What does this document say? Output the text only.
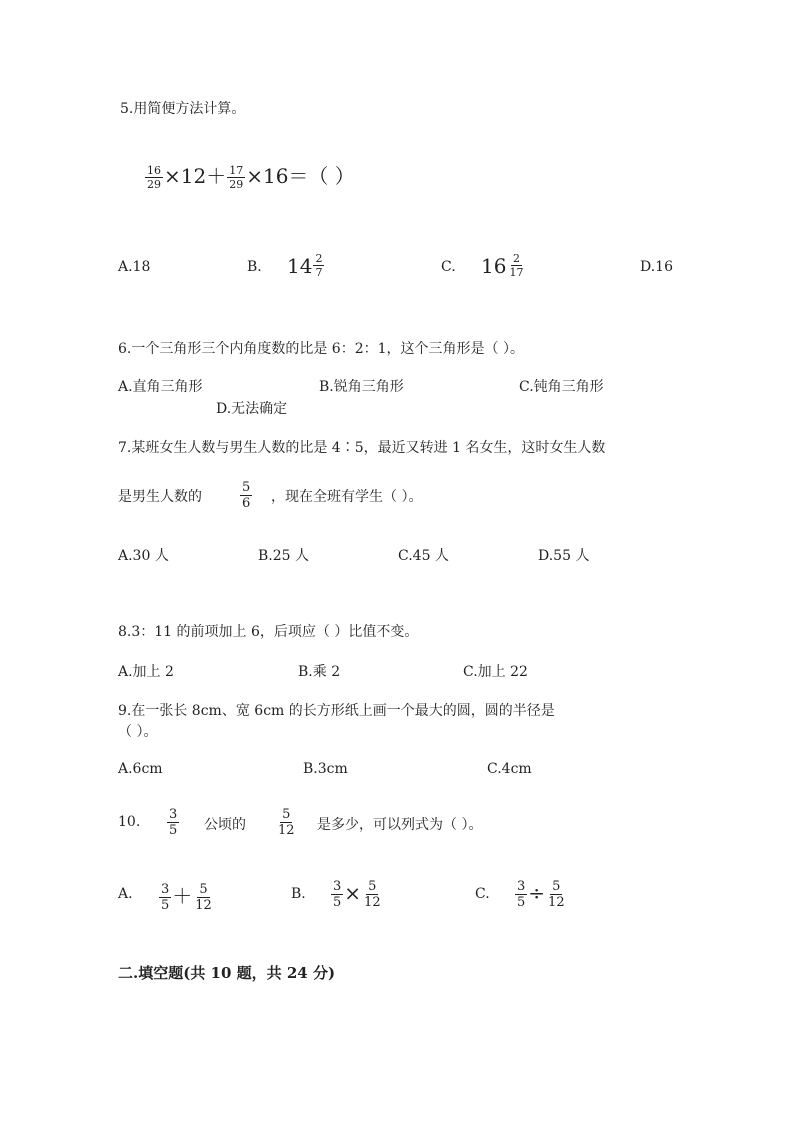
5.用简便方法计算。
$\frac{16}{29} \times 12+ \frac{17}{29} \times 16=$（ ）
A.18	B. $14 \frac{2}{7}$	C. $16 \frac{2}{17}$	D.16
6.一个三角形三个内角度数的比是 6：2：1，这个三角形是（ ）。
A.直角三角形	B.锐角三角形	C.钝角三角形
D.无法确定
7.某班女生人数与男生人数的比是 4∶5，最近又转进 1 名女生，这时女生人数
是男生人数的	$\frac{5}{6}$ ，现在全班有学生（ ）。
A.30 人	B.25 人	C.45 人	D.55 人
8.3：11 的前项加上 6，后项应（ ）比值不变。
A.加上 2	B.乘 2	C.加上 22
9.在一张长 8cm、宽 6cm 的长方形纸上画一个最大的圆，圆的半径是
（ ）。
A.6cm	B.3cm	C.4cm
10. $\frac{3}{5}$ 公顷的 $\frac{5}{12}$ 是多少，可以列式为（ ）。
A. $\frac{3}{5} + \frac{5}{12}$	B. $\frac{3}{5} \times \frac{5}{12}$	C. $\frac{3}{5} \div \frac{5}{12}$
二.填空题(共 10 题，共 24 分)
